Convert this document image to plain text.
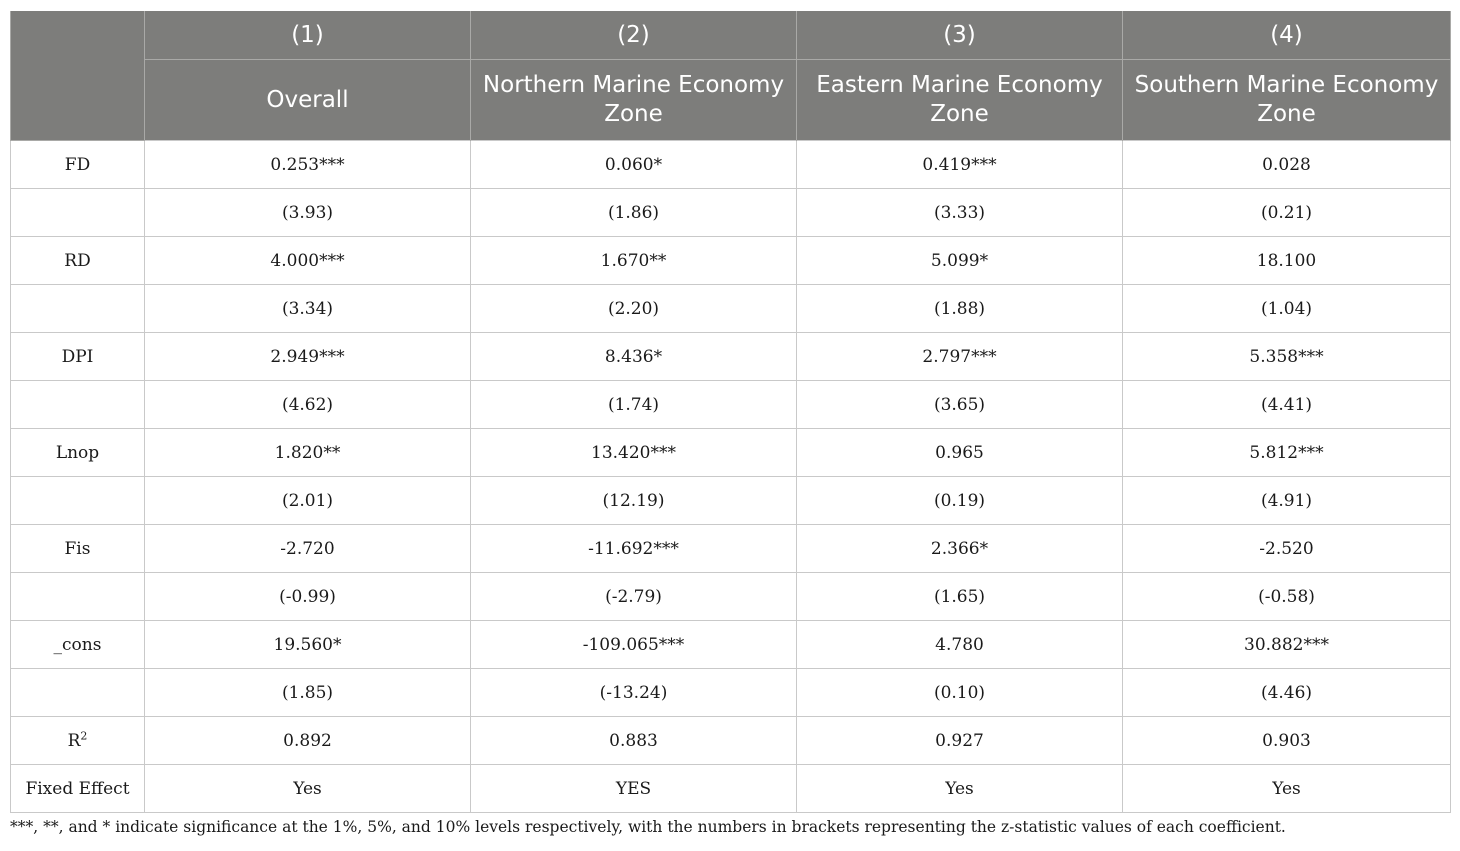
	(1)	(2)	(3)	(4)
	Overall	Northern Marine Economy Zone	Eastern Marine Economy Zone	Southern Marine Economy Zone
FD	0.253***	0.060*	0.419***	0.028
	(3.93)	(1.86)	(3.33)	(0.21)
RD	4.000***	1.670**	5.099*	18.100
	(3.34)	(2.20)	(1.88)	(1.04)
DPI	2.949***	8.436*	2.797***	5.358***
	(4.62)	(1.74)	(3.65)	(4.41)
Lnop	1.820**	13.420***	0.965	5.812***
	(2.01)	(12.19)	(0.19)	(4.91)
Fis	-2.720	-11.692***	2.366*	-2.520
	(-0.99)	(-2.79)	(1.65)	(-0.58)
_cons	19.560*	-109.065***	4.780	30.882***
	(1.85)	(-13.24)	(0.10)	(4.46)
$R^2$	0.892	0.883	0.927	0.903
Fixed Effect	Yes	YES	Yes	Yes
***, **, and * indicate significance at the 1%, 5%, and 10% levels respectively, with the numbers in brackets representing the z-statistic values of each coefficient.
